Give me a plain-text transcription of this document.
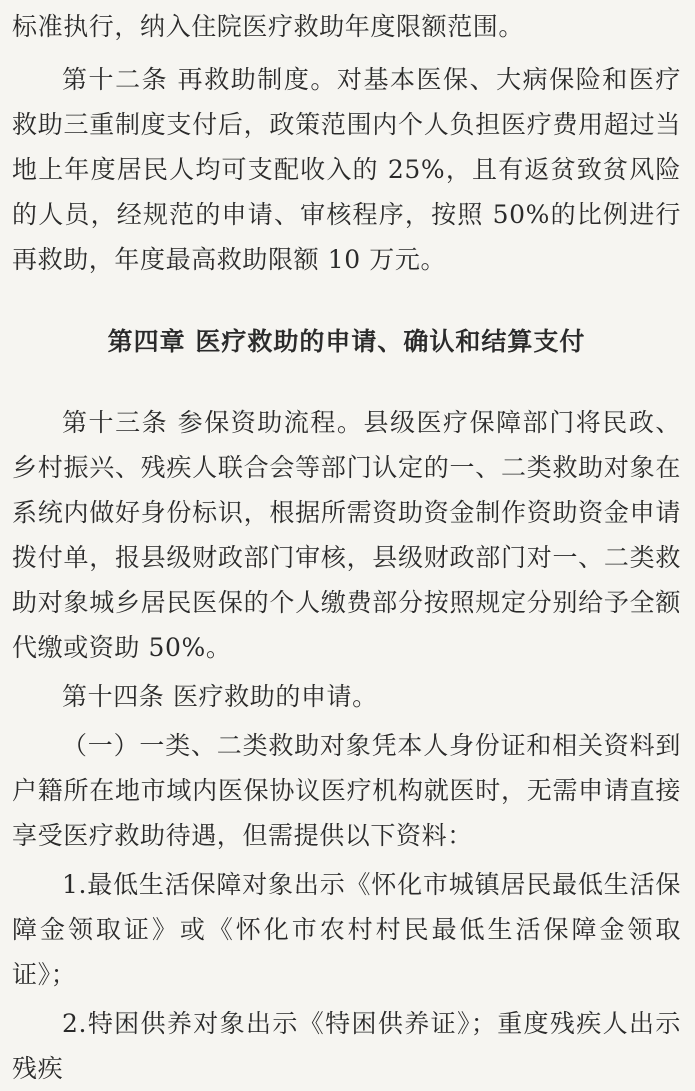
标准执行，纳入住院医疗救助年度限额范围。

第十二条 再救助制度。对基本医保、大病保险和医疗救助三重制度支付后，政策范围内个人负担医疗费用超过当地上年度居民人均可支配收入的 25%，且有返贫致贫风险的人员，经规范的申请、审核程序，按照 50%的比例进行再救助，年度最高救助限额 10 万元。

第四章 医疗救助的申请、确认和结算支付

第十三条 参保资助流程。县级医疗保障部门将民政、乡村振兴、残疾人联合会等部门认定的一、二类救助对象在系统内做好身份标识，根据所需资助资金制作资助资金申请拨付单，报县级财政部门审核，县级财政部门对一、二类救助对象城乡居民医保的个人缴费部分按照规定分别给予全额代缴或资助 50%。

第十四条 医疗救助的申请。

（一）一类、二类救助对象凭本人身份证和相关资料到户籍所在地市域内医保协议医疗机构就医时，无需申请直接享受医疗救助待遇，但需提供以下资料：

1.最低生活保障对象出示《怀化市城镇居民最低生活保障金领取证》或《怀化市农村村民最低生活保障金领取证》；

2.特困供养对象出示《特困供养证》；重度残疾人出示残疾
